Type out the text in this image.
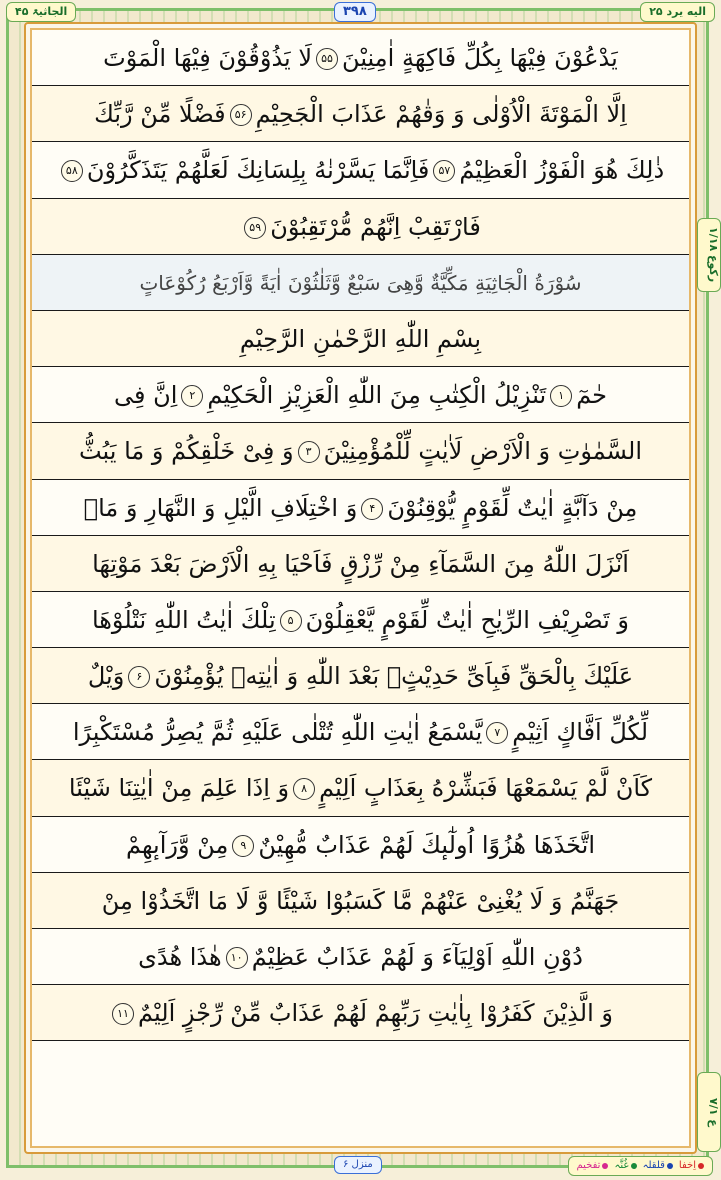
الجاثیۃ ۴۵	۳۹۸	الیه یرد ۲۵
رکوع ۱/۱۸
ع ۷/۱
یَدْعُوْنَ فِیْهَا بِكُلِّ فَاكِهَةٍ اٰمِنِیْنَ۵۵لَا یَذُوْقُوْنَ فِیْهَا الْمَوْتَ
اِلَّا الْمَوْتَةَ الْاُوْلٰى وَ وَقٰهُمْ عَذَابَ الْجَحِیْمِ۵۶فَضْلًا مِّنْ رَّبِّكَ
ذٰلِكَ هُوَ الْفَوْزُ الْعَظِیْمُ۵۷فَاِنَّمَا یَسَّرْنٰهُ بِلِسَانِكَ لَعَلَّهُمْ یَتَذَكَّرُوْنَ۵۸
فَارْتَقِبْ اِنَّهُمْ مُّرْتَقِبُوْنَ۵۹
سُوْرَةُ الْجَاثِیَةِ مَكِّیَّةٌ وَّهِیَ سَبْعٌ وَّثَلٰثُوْنَ اٰیَةً وَّاَرْبَعُ رُكُوْعَاتٍ
بِسْمِ اللّٰهِ الرَّحْمٰنِ الرَّحِیْمِ
حٰمٓ۱تَنْزِیْلُ الْكِتٰبِ مِنَ اللّٰهِ الْعَزِیْزِ الْحَكِیْمِ۲اِنَّ فِی
السَّمٰوٰتِ وَ الْاَرْضِ لَاٰیٰتٍ لِّلْمُؤْمِنِیْنَ۳وَ فِیْ خَلْقِكُمْ وَ مَا یَبُثُّ
مِنْ دَآبَّةٍ اٰیٰتٌ لِّقَوْمٍ یُّوْقِنُوْنَ۴وَ اخْتِلَافِ الَّیْلِ وَ النَّهَارِ وَ مَاۤ
اَنْزَلَ اللّٰهُ مِنَ السَّمَآءِ مِنْ رِّزْقٍ فَاَحْیَا بِهِ الْاَرْضَ بَعْدَ مَوْتِهَا
وَ تَصْرِیْفِ الرِّیٰحِ اٰیٰتٌ لِّقَوْمٍ یَّعْقِلُوْنَ۵تِلْكَ اٰیٰتُ اللّٰهِ نَتْلُوْهَا
عَلَیْكَ بِالْحَقِّ فَبِاَیِّ حَدِیْثٍۭ بَعْدَ اللّٰهِ وَ اٰیٰتِهٖ یُؤْمِنُوْنَ۶وَیْلٌ
لِّكُلِّ اَفَّاكٍ اَثِیْمٍ۷یَّسْمَعُ اٰیٰتِ اللّٰهِ تُتْلٰى عَلَیْهِ ثُمَّ یُصِرُّ مُسْتَكْبِرًا
كَاَنْ لَّمْ یَسْمَعْهَا فَبَشِّرْهُ بِعَذَابٍ اَلِیْمٍ۸وَ اِذَا عَلِمَ مِنْ اٰیٰتِنَا شَیْئَا
اتَّخَذَهَا هُزُوًا اُولٰٓىٕكَ لَهُمْ عَذَابٌ مُّهِیْنٌ۹مِنْ وَّرَآىٕهِمْ
جَهَنَّمُ وَ لَا یُغْنِیْ عَنْهُمْ مَّا كَسَبُوْا شَیْئًا وَّ لَا مَا اتَّخَذُوْا مِنْ
دُوْنِ اللّٰهِ اَوْلِیَآءَ وَ لَهُمْ عَذَابٌ عَظِیْمٌ۱۰هٰذَا هُدًى
وَ الَّذِیْنَ كَفَرُوْا بِاٰیٰتِ رَبِّهِمْ لَهُمْ عَذَابٌ مِّنْ رِّجْزٍ اَلِیْمٌ۱۱
منزل ۶	اِخفا
قلقلہ
غُنَّہ
تفخیم
